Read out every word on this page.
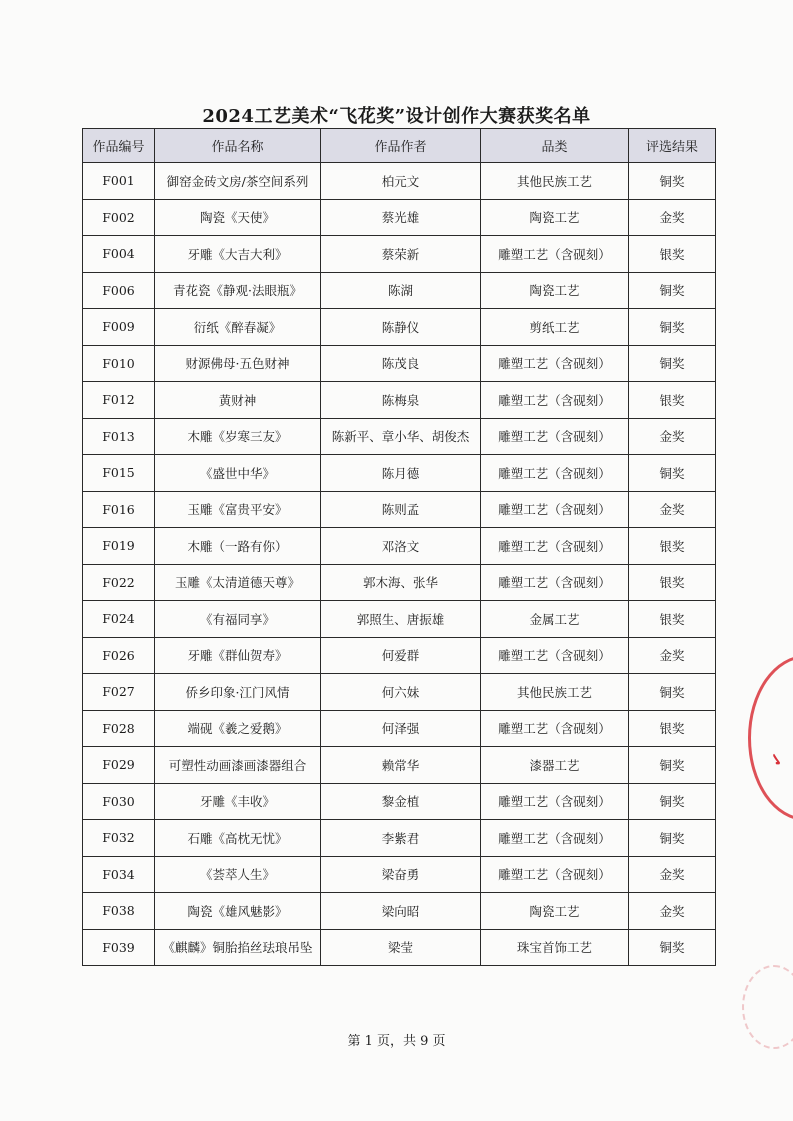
2024工艺美术“飞花奖”设计创作大赛获奖名单
作品编号	作品名称	作品作者	品类	评选结果
F001	御窑金砖文房/茶空间系列	柏元文	其他民族工艺	铜奖
F002	陶瓷《天使》	蔡光雄	陶瓷工艺	金奖
F004	牙雕《大吉大利》	蔡荣新	雕塑工艺（含砚刻）	银奖
F006	青花瓷《静观·法眼瓶》	陈湖	陶瓷工艺	铜奖
F009	衍纸《醉春凝》	陈静仪	剪纸工艺	铜奖
F010	财源佛母·五色财神	陈茂良	雕塑工艺（含砚刻）	铜奖
F012	黄财神	陈梅泉	雕塑工艺（含砚刻）	银奖
F013	木雕《岁寒三友》	陈新平、章小华、胡俊杰	雕塑工艺（含砚刻）	金奖
F015	《盛世中华》	陈月德	雕塑工艺（含砚刻）	铜奖
F016	玉雕《富贵平安》	陈则孟	雕塑工艺（含砚刻）	金奖
F019	木雕（一路有你）	邓洛文	雕塑工艺（含砚刻）	银奖
F022	玉雕《太清道德天尊》	郭木海、张华	雕塑工艺（含砚刻）	银奖
F024	《有福同享》	郭照生、唐振雄	金属工艺	银奖
F026	牙雕《群仙贺寿》	何爱群	雕塑工艺（含砚刻）	金奖
F027	侨乡印象·江门风情	何六妹	其他民族工艺	铜奖
F028	端砚《羲之爱鹅》	何泽强	雕塑工艺（含砚刻）	银奖
F029	可塑性动画漆画漆器组合	赖常华	漆器工艺	铜奖
F030	牙雕《丰收》	黎金植	雕塑工艺（含砚刻）	铜奖
F032	石雕《高枕无忧》	李紫君	雕塑工艺（含砚刻）	铜奖
F034	《荟萃人生》	梁奋勇	雕塑工艺（含砚刻）	金奖
F038	陶瓷《雄风魅影》	梁向昭	陶瓷工艺	金奖
F039	《麒麟》铜胎掐丝珐琅吊坠	梁莹	珠宝首饰工艺	铜奖
✓
第 1 页，共 9 页
